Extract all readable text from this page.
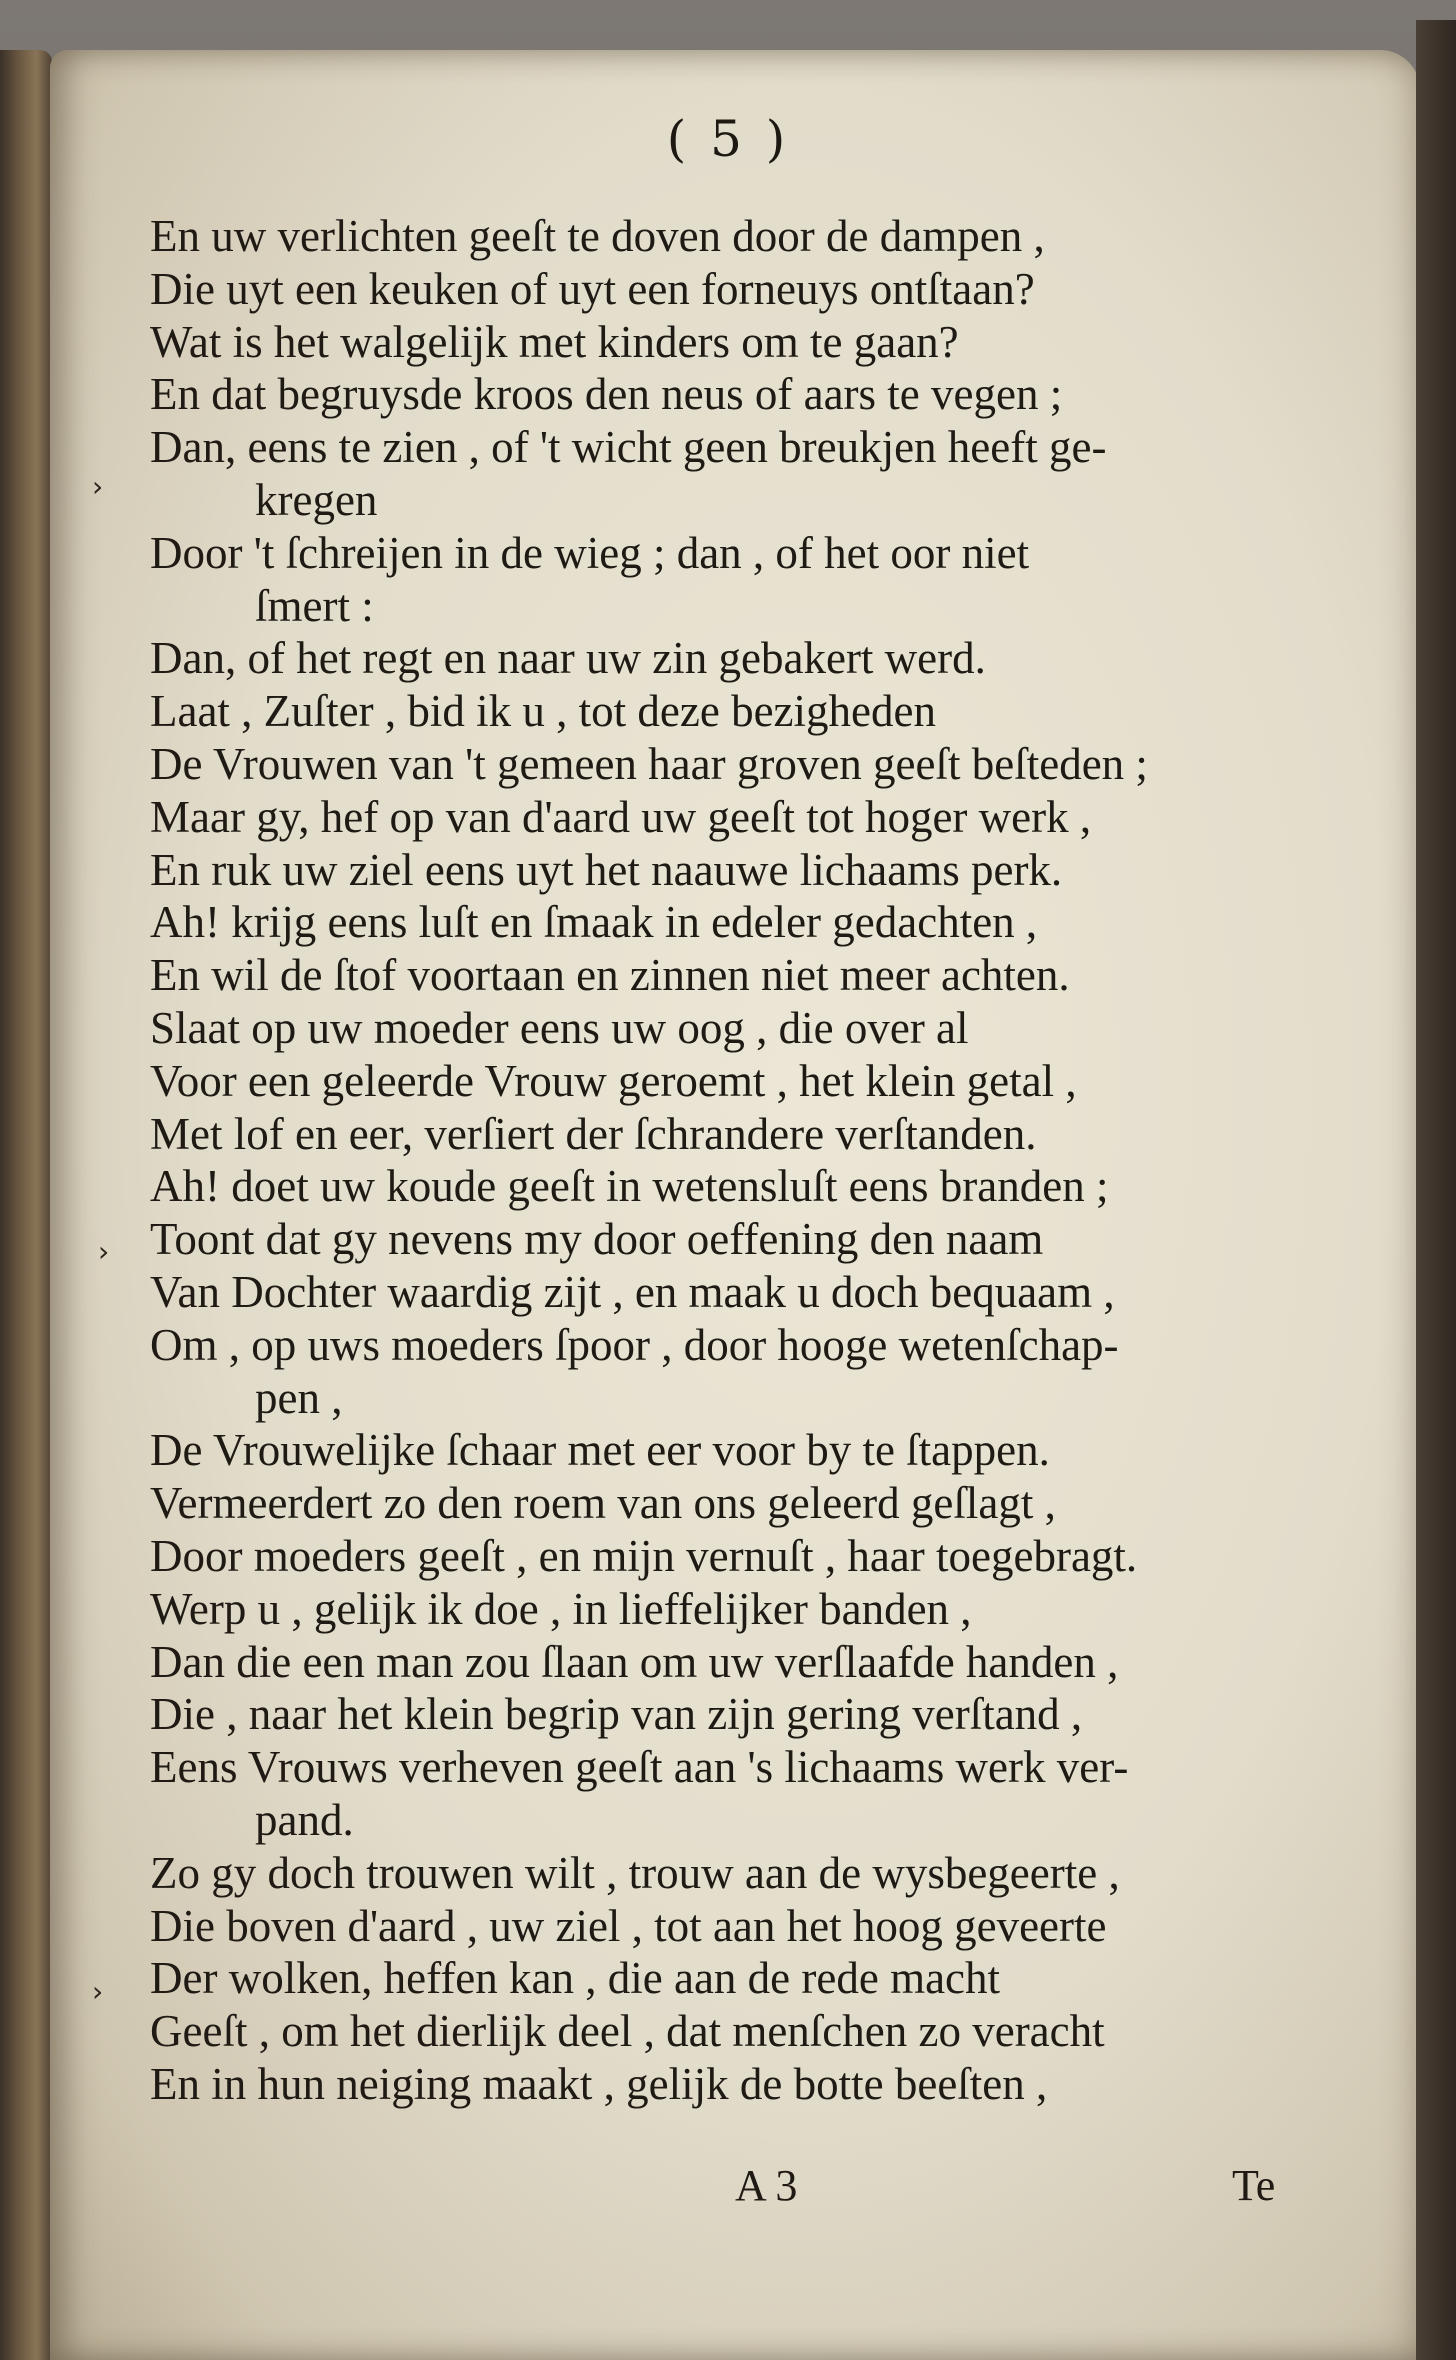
( 5 )
En uw verlichten geeſt te doven door de dampen ,
Die uyt een keuken of uyt een forneuys ontſtaan?
Wat is het walgelijk met kinders om te gaan?
En dat begruysde kroos den neus of aars te vegen ;
Dan, eens te zien , of 't wicht geen breukjen heeft ge-
kregen
Door 't ſchreijen in de wieg ; dan , of het oor niet
ſmert :
Dan, of het regt en naar uw zin gebakert werd.
Laat , Zuſter , bid ik u , tot deze bezigheden
De Vrouwen van 't gemeen haar groven geeſt beſteden ;
Maar gy, hef op van d'aard uw geeſt tot hoger werk ,
En ruk uw ziel eens uyt het naauwe lichaams perk.
Ah! krijg eens luſt en ſmaak in edeler gedachten ,
En wil de ſtof voortaan en zinnen niet meer achten.
Slaat op uw moeder eens uw oog , die over al
Voor een geleerde Vrouw geroemt , het klein getal ,
Met lof en eer, verſiert der ſchrandere verſtanden.
Ah! doet uw koude geeſt in wetensluſt eens branden ;
Toont dat gy nevens my door oeffening den naam
Van Dochter waardig zijt , en maak u doch bequaam ,
Om , op uws moeders ſpoor , door hooge wetenſchap-
pen ,
De Vrouwelijke ſchaar met eer voor by te ſtappen.
Vermeerdert zo den roem van ons geleerd geſlagt ,
Door moeders geeſt , en mijn vernuſt , haar toegebragt.
Werp u , gelijk ik doe , in lieffelijker banden ,
Dan die een man zou ſlaan om uw verſlaafde handen ,
Die , naar het klein begrip van zijn gering verſtand ,
Eens Vrouws verheven geeſt aan 's lichaams werk ver-
pand.
Zo gy doch trouwen wilt , trouw aan de wysbegeerte ,
Die boven d'aard , uw ziel , tot aan het hoog geveerte
Der wolken, heffen kan , die aan de rede macht
Geeſt , om het dierlijk deel , dat menſchen zo veracht
En in hun neiging maakt , gelijk de botte beeſten ,
›
›
›
A 3	Te
